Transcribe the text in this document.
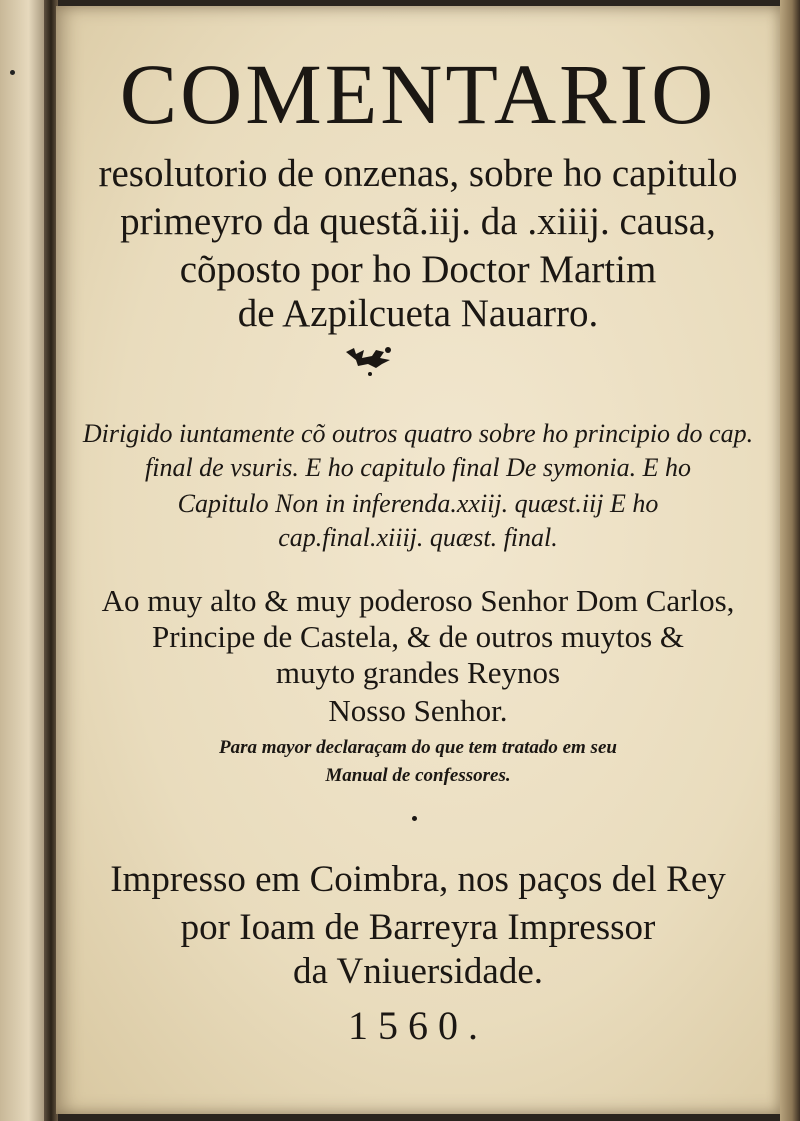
COMENTARIO
resolutorio de onzenas, sobre ho capitulo
primeyro da questã.iij. da .xiiij. causa,
cõposto por ho Doctor Martim
de Azpilcueta Nauarro.
Dirigido iuntamente cõ outros quatro sobre ho principio do cap.
final de vsuris. E ho capitulo final De symonia. E ho
Capitulo Non in inferenda.xxiij. quæst.iij E ho
cap.final.xiiij. quæst. final.
Ao muy alto & muy poderoso Senhor Dom Carlos,
Principe de Castela, & de outros muytos &
muyto grandes Reynos
Nosso Senhor.
Para mayor declaraçam do que tem tratado em seu
Manual de confessores.
Impresso em Coimbra, nos paços del Rey
por Ioam de Barreyra Impressor
da Vniuersidade.
1560.
